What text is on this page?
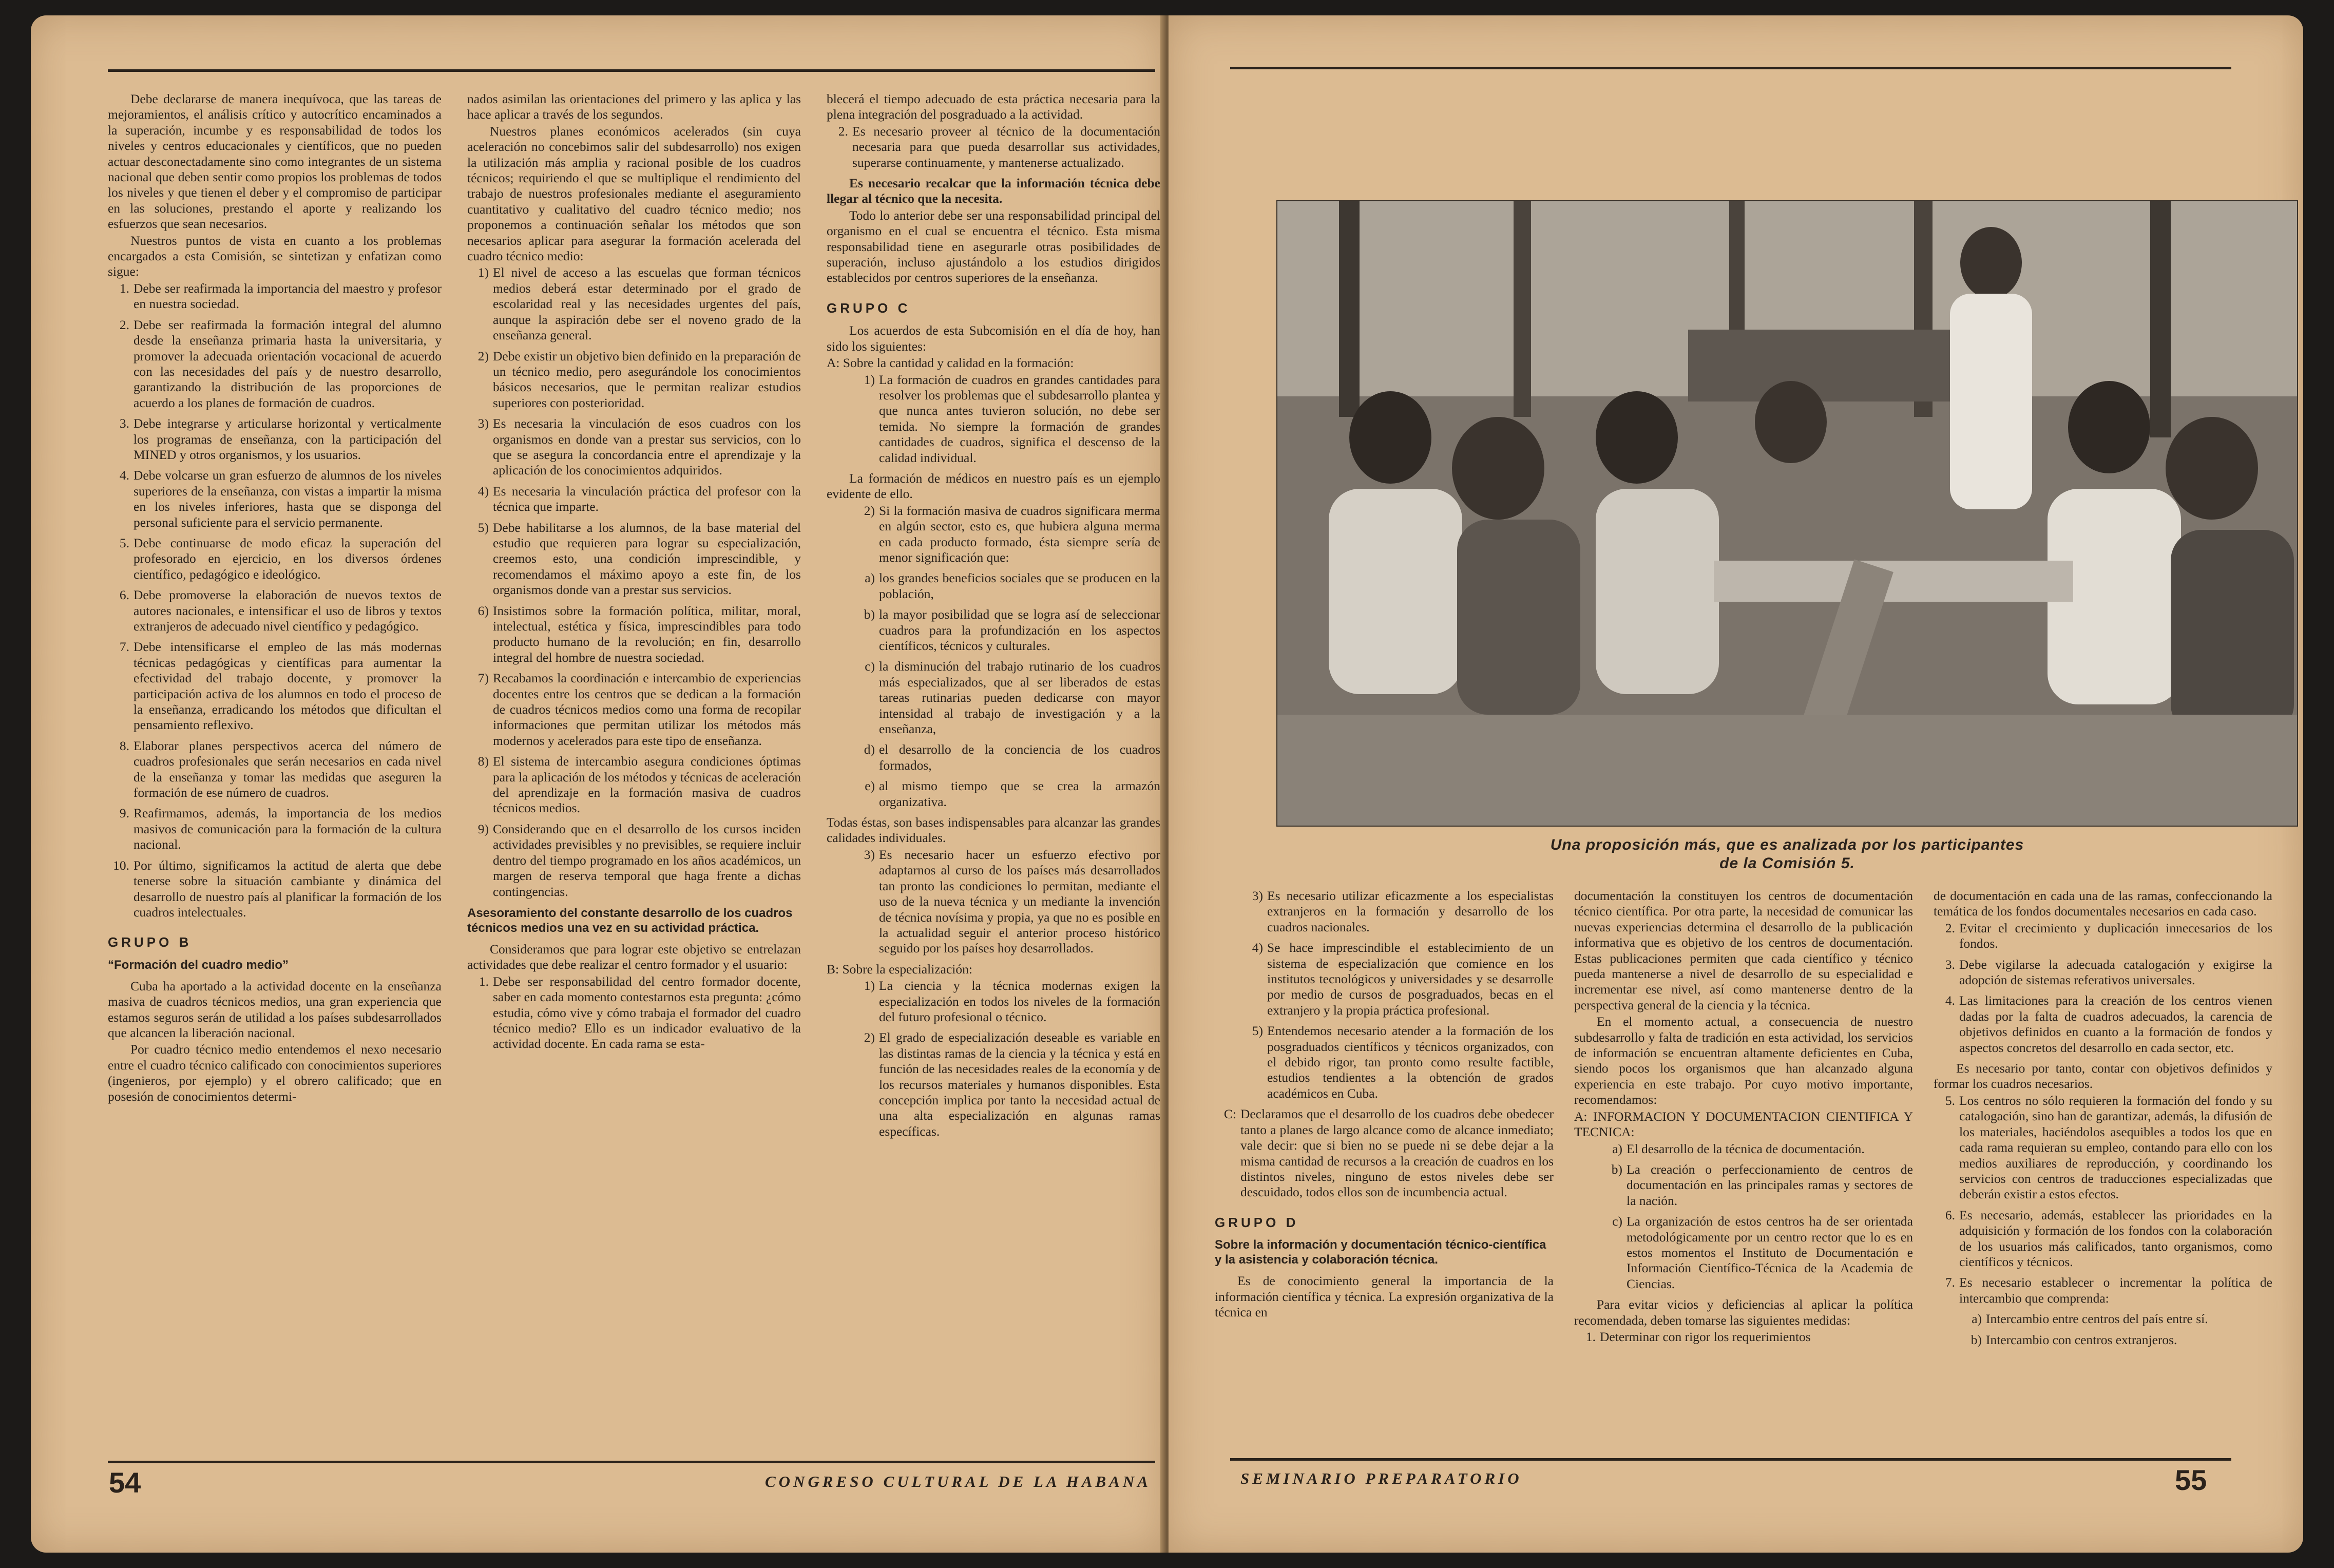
Debe declararse de manera inequívoca, que las tareas de mejoramientos, el análisis crítico y autocrítico encaminados a la superación, incumbe y es responsabilidad de todos los niveles y centros educacionales y científicos, que no pueden actuar desconectadamente sino como integrantes de un sistema nacional que deben sentir como propios los problemas de todos los niveles y que tienen el deber y el compromiso de participar en las soluciones, prestando el aporte y realizando los esfuerzos que sean necesarios.

Nuestros puntos de vista en cuanto a los problemas encargados a esta Comisión, se sintetizan y enfatizan como sigue:

1. Debe ser reafirmada la importancia del maestro y profesor en nuestra sociedad.
2. Debe ser reafirmada la formación integral del alumno desde la enseñanza primaria hasta la universitaria, y promover la adecuada orientación vocacional de acuerdo con las necesidades del país y de nuestro desarrollo, garantizando la distribución de las proporciones de acuerdo a los planes de formación de cuadros.
3. Debe integrarse y articularse horizontal y verticalmente los programas de enseñanza, con la participación del MINED y otros organismos, y los usuarios.
4. Debe volcarse un gran esfuerzo de alumnos de los niveles superiores de la enseñanza, con vistas a impartir la misma en los niveles inferiores, hasta que se disponga del personal suficiente para el servicio permanente.
5. Debe continuarse de modo eficaz la superación del profesorado en ejercicio, en los diversos órdenes científico, pedagógico e ideológico.
6. Debe promoverse la elaboración de nuevos textos de autores nacionales, e intensificar el uso de libros y textos extranjeros de adecuado nivel científico y pedagógico.
7. Debe intensificarse el empleo de las más modernas técnicas pedagógicas y científicas para aumentar la efectividad del trabajo docente, y promover la participación activa de los alumnos en todo el proceso de la enseñanza, erradicando los métodos que dificultan el pensamiento reflexivo.
8. Elaborar planes perspectivos acerca del número de cuadros profesionales que serán necesarios en cada nivel de la enseñanza y tomar las medidas que aseguren la formación de ese número de cuadros.
9. Reafirmamos, además, la importancia de los medios masivos de comunicación para la formación de la cultura nacional.
10. Por último, significamos la actitud de alerta que debe tenerse sobre la situación cambiante y dinámica del desarrollo de nuestro país al planificar la formación de los cuadros intelectuales.
GRUPO B
“Formación del cuadro medio”

Cuba ha aportado a la actividad docente en la enseñanza masiva de cuadros técnicos medios, una gran experiencia que estamos seguros serán de utilidad a los países subdesarrollados que alcancen la liberación nacional.

Por cuadro técnico medio entendemos el nexo necesario entre el cuadro técnico calificado con conocimientos superiores (ingenieros, por ejemplo) y el obrero calificado; que en posesión de conocimientos determi-

nados asimilan las orientaciones del primero y las aplica y las hace aplicar a través de los segundos.

Nuestros planes económicos acelerados (sin cuya aceleración no concebimos salir del subdesarrollo) nos exigen la utilización más amplia y racional posible de los cuadros técnicos; requiriendo el que se multiplique el rendimiento del trabajo de nuestros profesionales mediante el aseguramiento cuantitativo y cualitativo del cuadro técnico medio; nos proponemos a continuación señalar los métodos que son necesarios aplicar para asegurar la formación acelerada del cuadro técnico medio:

1) El nivel de acceso a las escuelas que forman técnicos medios deberá estar determinado por el grado de escolaridad real y las necesidades urgentes del país, aunque la aspiración debe ser el noveno grado de la enseñanza general.
2) Debe existir un objetivo bien definido en la preparación de un técnico medio, pero asegurándole los conocimientos básicos necesarios, que le permitan realizar estudios superiores con posterioridad.
3) Es necesaria la vinculación de esos cuadros con los organismos en donde van a prestar sus servicios, con lo que se asegura la concordancia entre el aprendizaje y la aplicación de los conocimientos adquiridos.
4) Es necesaria la vinculación práctica del profesor con la técnica que imparte.
5) Debe habilitarse a los alumnos, de la base material del estudio que requieren para lograr su especialización, creemos esto, una condición imprescindible, y recomendamos el máximo apoyo a este fin, de los organismos donde van a prestar sus servicios.
6) Insistimos sobre la formación política, militar, moral, intelectual, estética y física, imprescindibles para todo producto humano de la revolución; en fin, desarrollo integral del hombre de nuestra sociedad.
7) Recabamos la coordinación e intercambio de experiencias docentes entre los centros que se dedican a la formación de cuadros técnicos medios como una forma de recopilar informaciones que permitan utilizar los métodos más modernos y acelerados para este tipo de enseñanza.
8) El sistema de intercambio asegura condiciones óptimas para la aplicación de los métodos y técnicas de aceleración del aprendizaje en la formación masiva de cuadros técnicos medios.
9) Considerando que en el desarrollo de los cursos inciden actividades previsibles y no previsibles, se requiere incluir dentro del tiempo programado en los años académicos, un margen de reserva temporal que haga frente a dichas contingencias.
Asesoramiento del constante desarrollo de los cuadros técnicos medios una vez en su actividad práctica.

Consideramos que para lograr este objetivo se entrelazan actividades que debe realizar el centro formador y el usuario:

1. Debe ser responsabilidad del centro formador docente, saber en cada momento contestarnos esta pregunta: ¿cómo estudia, cómo vive y cómo trabaja el formador del cuadro técnico medio? Ello es un indicador evaluativo de la actividad docente. En cada rama se esta-

blecerá el tiempo adecuado de esta práctica necesaria para la plena integración del posgraduado a la actividad.

2. Es necesario proveer al técnico de la documentación necesaria para que pueda desarrollar sus actividades, superarse continuamente, y mantenerse actualizado.

Es necesario recalcar que la información técnica debe llegar al técnico que la necesita.

Todo lo anterior debe ser una responsabilidad principal del organismo en el cual se encuentra el técnico. Esta misma responsabilidad tiene en asegurarle otras posibilidades de superación, incluso ajustándolo a los estudios dirigidos establecidos por centros superiores de la enseñanza.

GRUPO C

Los acuerdos de esta Subcomisión en el día de hoy, han sido los siguientes:

A: Sobre la cantidad y calidad en la formación:

1) La formación de cuadros en grandes cantidades para resolver los problemas que el subdesarrollo plantea y que nunca antes tuvieron solución, no debe ser temida. No siempre la formación de grandes cantidades de cuadros, significa el descenso de la calidad individual.

La formación de médicos en nuestro país es un ejemplo evidente de ello.

2) Si la formación masiva de cuadros significara merma en algún sector, esto es, que hubiera alguna merma en cada producto formado, ésta siempre sería de menor significación que:
a) los grandes beneficios sociales que se producen en la población,
b) la mayor posibilidad que se logra así de seleccionar cuadros para la profundización en los aspectos científicos, técnicos y culturales.
c) la disminución del trabajo rutinario de los cuadros más especializados, que al ser liberados de estas tareas rutinarias pueden dedicarse con mayor intensidad al trabajo de investigación y a la enseñanza,
d) el desarrollo de la conciencia de los cuadros formados,
e) al mismo tiempo que se crea la armazón organizativa.

Todas éstas, son bases indispensables para alcanzar las grandes calidades individuales.

3) Es necesario hacer un esfuerzo efectivo por adaptarnos al curso de los países más desarrollados tan pronto las condiciones lo permitan, mediante el uso de la nueva técnica y un mediante la invención de técnica novísima y propia, ya que no es posible en la actualidad seguir el anterior proceso histórico seguido por los países hoy desarrollados.

B: Sobre la especialización:

1) La ciencia y la técnica modernas exigen la especialización en todos los niveles de la formación del futuro profesional o técnico.
2) El grado de especialización deseable es variable en las distintas ramas de la ciencia y la técnica y está en función de las necesidades reales de la economía y de los recursos materiales y humanos disponibles. Esta concepción implica por tanto la necesidad actual de una alta especialización en algunas ramas específicas.
54	CONGRESO CULTURAL DE LA HABANA
Una proposición más, que es analizada por los participantes
de la Comisión 5.
3) Es necesario utilizar eficazmente a los especialistas extranjeros en la formación y desarrollo de los cuadros nacionales.
4) Se hace imprescindible el establecimiento de un sistema de especialización que comience en los institutos tecnológicos y universidades y se desarrolle por medio de cursos de posgraduados, becas en el extranjero y la propia práctica profesional.
5) Entendemos necesario atender a la formación de los posgraduados científicos y técnicos organizados, con el debido rigor, tan pronto como resulte factible, estudios tendientes a la obtención de grados académicos en Cuba.
C: Declaramos que el desarrollo de los cuadros debe obedecer tanto a planes de largo alcance como de alcance inmediato; vale decir: que si bien no se puede ni se debe dejar a la misma cantidad de recursos a la creación de cuadros en los distintos niveles, ninguno de estos niveles debe ser descuidado, todos ellos son de incumbencia actual.
GRUPO D
Sobre la información y documentación técnico-científica y la asistencia y colaboración técnica.

Es de conocimiento general la importancia de la información científica y técnica. La expresión organizativa de la técnica en

documentación la constituyen los centros de documentación técnico científica. Por otra parte, la necesidad de comunicar las nuevas experiencias determina el desarrollo de la publicación informativa que es objetivo de los centros de documentación. Estas publicaciones permiten que cada científico y técnico pueda mantenerse a nivel de desarrollo de su especialidad e incrementar ese nivel, así como mantenerse dentro de la perspectiva general de la ciencia y la técnica.

En el momento actual, a consecuencia de nuestro subdesarrollo y falta de tradición en esta actividad, los servicios de información se encuentran altamente deficientes en Cuba, siendo pocos los organismos que han alcanzado alguna experiencia en este trabajo. Por cuyo motivo importante, recomendamos:

A: INFORMACION Y DOCUMENTACION CIENTIFICA Y TECNICA:

a) El desarrollo de la técnica de documentación.
b) La creación o perfeccionamiento de centros de documentación en las principales ramas y sectores de la nación.
c) La organización de estos centros ha de ser orientada metodológicamente por un centro rector que lo es en estos momentos el Instituto de Documentación e Información Científico-Técnica de la Academia de Ciencias.

Para evitar vicios y deficiencias al aplicar la política recomendada, deben tomarse las siguientes medidas:

1. Determinar con rigor los requerimientos

de documentación en cada una de las ramas, confeccionando la temática de los fondos documentales necesarios en cada caso.

2. Evitar el crecimiento y duplicación innecesarios de los fondos.
3. Debe vigilarse la adecuada catalogación y exigirse la adopción de sistemas referativos universales.
4. Las limitaciones para la creación de los centros vienen dadas por la falta de cuadros adecuados, la carencia de objetivos definidos en cuanto a la formación de fondos y aspectos concretos del desarrollo en cada sector, etc.

Es necesario por tanto, contar con objetivos definidos y formar los cuadros necesarios.

5. Los centros no sólo requieren la formación del fondo y su catalogación, sino han de garantizar, además, la difusión de los materiales, haciéndolos asequibles a todos los que en cada rama requieran su empleo, contando para ello con los medios auxiliares de reproducción, y coordinando los servicios con centros de traducciones especializadas que deberán existir a estos efectos.
6. Es necesario, además, establecer las prioridades en la adquisición y formación de los fondos con la colaboración de los usuarios más calificados, tanto organismos, como científicos y técnicos.
7. Es necesario establecer o incrementar la política de intercambio que comprenda:
a) Intercambio entre centros del país entre sí.
b) Intercambio con centros extranjeros.
SEMINARIO PREPARATORIO	55
